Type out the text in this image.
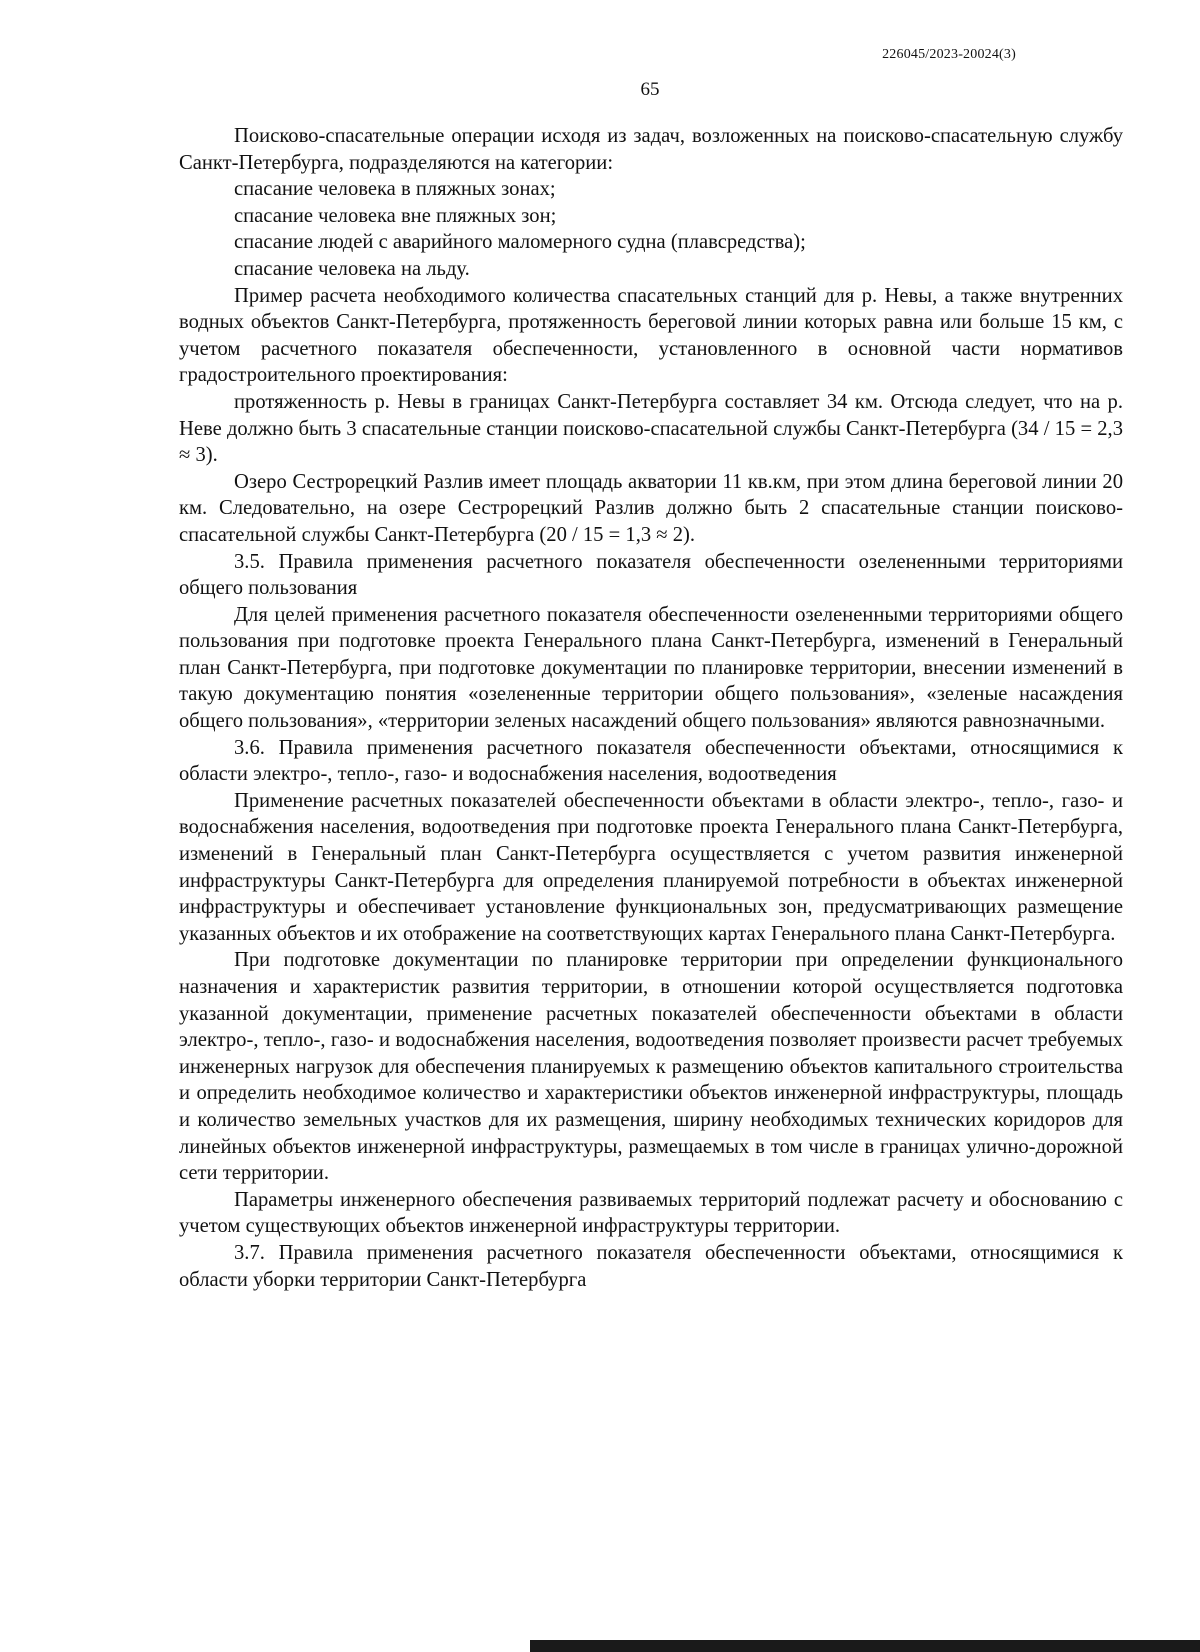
226045/2023-20024(3)
65

Поисково-спасательные операции исходя из задач, возложенных на поисково-спасательную службу Санкт-Петербурга, подразделяются на категории:

спасание человека в пляжных зонах;

спасание человека вне пляжных зон;

спасание людей с аварийного маломерного судна (плавсредства);

спасание человека на льду.

Пример расчета необходимого количества спасательных станций для р. Невы, а также внутренних водных объектов Санкт-Петербурга, протяженность береговой линии которых равна или больше 15 км, с учетом расчетного показателя обеспеченности, установленного в основной части нормативов градостроительного проектирования:

протяженность р. Невы в границах Санкт-Петербурга составляет 34 км. Отсюда следует, что на р. Неве должно быть 3 спасательные станции поисково-спасательной службы Санкт-Петербурга (34 / 15 = 2,3 ≈ 3).

Озеро Сестрорецкий Разлив имеет площадь акватории 11 кв.км, при этом длина береговой линии 20 км. Следовательно, на озере Сестрорецкий Разлив должно быть 2 спасательные станции поисково-спасательной службы Санкт-Петербурга (20 / 15 = 1,3 ≈ 2).

3.5. Правила применения расчетного показателя обеспеченности озелененными территориями общего пользования

Для целей применения расчетного показателя обеспеченности озелененными территориями общего пользования при подготовке проекта Генерального плана Санкт-Петербурга, изменений в Генеральный план Санкт-Петербурга, при подготовке документации по планировке территории, внесении изменений в такую документацию понятия «озелененные территории общего пользования», «зеленые насаждения общего пользования», «территории зеленых насаждений общего пользования» являются равнозначными.

3.6. Правила применения расчетного показателя обеспеченности объектами, относящимися к области электро-, тепло-, газо- и водоснабжения населения, водоотведения

Применение расчетных показателей обеспеченности объектами в области электро-, тепло-, газо- и водоснабжения населения, водоотведения при подготовке проекта Генерального плана Санкт-Петербурга, изменений в Генеральный план Санкт-Петербурга осуществляется с учетом развития инженерной инфраструктуры Санкт-Петербурга для определения планируемой потребности в объектах инженерной инфраструктуры и обеспечивает установление функциональных зон, предусматривающих размещение указанных объектов и их отображение на соответствующих картах Генерального плана Санкт-Петербурга.

При подготовке документации по планировке территории при определении функционального назначения и характеристик развития территории, в отношении которой осуществляется подготовка указанной документации, применение расчетных показателей обеспеченности объектами в области электро-, тепло-, газо- и водоснабжения населения, водоотведения позволяет произвести расчет требуемых инженерных нагрузок для обеспечения планируемых к размещению объектов капитального строительства и определить необходимое количество и характеристики объектов инженерной инфраструктуры, площадь и количество земельных участков для их размещения, ширину необходимых технических коридоров для линейных объектов инженерной инфраструктуры, размещаемых в том числе в границах улично-дорожной сети территории.

Параметры инженерного обеспечения развиваемых территорий подлежат расчету и обоснованию с учетом существующих объектов инженерной инфраструктуры территории.

3.7. Правила применения расчетного показателя обеспеченности объектами, относящимися к области уборки территории Санкт-Петербурга
